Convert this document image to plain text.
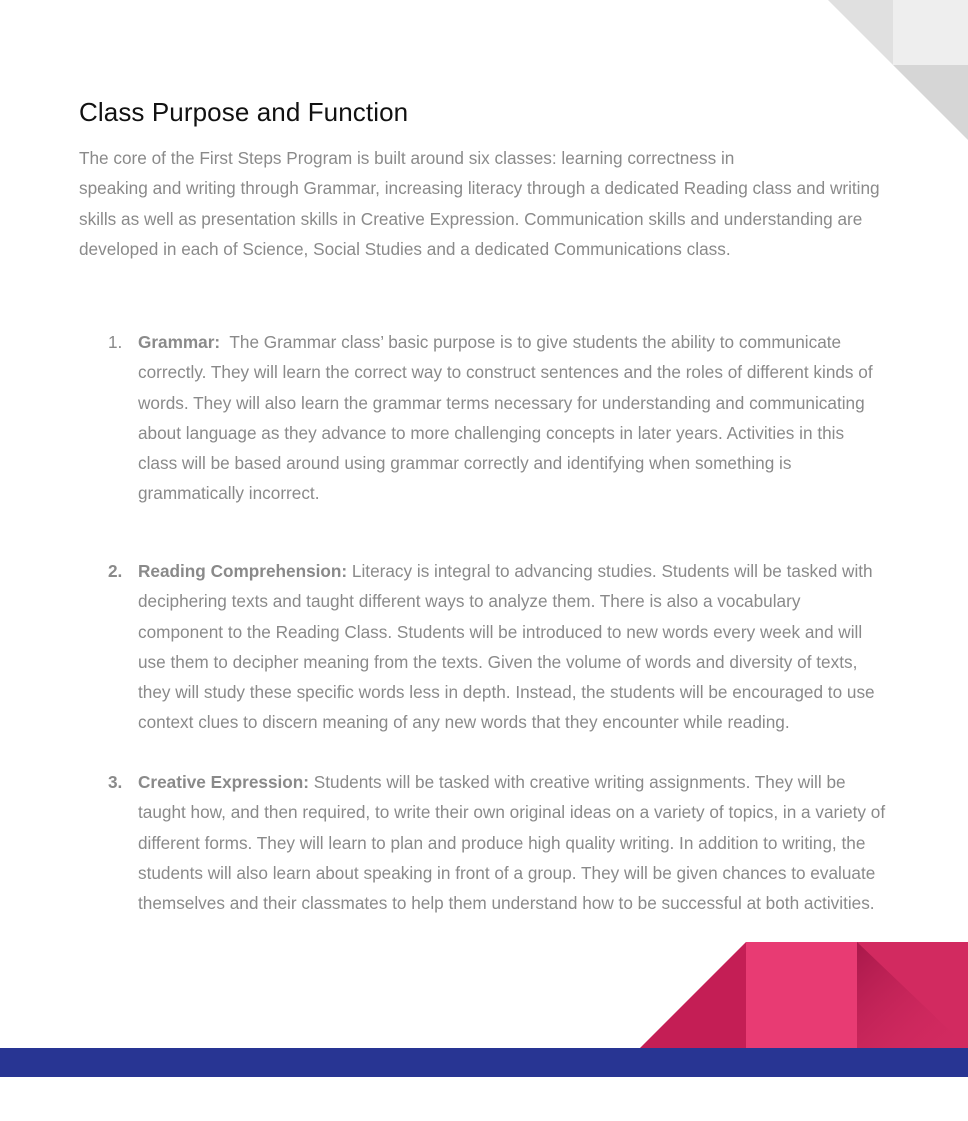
Class Purpose and Function

The core of the First Steps Program is built around six classes: learning correctness in
speaking and writing through Grammar, increasing literacy through a dedicated Reading class and writing
skills as well as presentation skills in Creative Expression. Communication skills and understanding are
developed in each of Science, Social Studies and a dedicated Communications class.

1. Grammar:  The Grammar class’ basic purpose is to give students the ability to communicate
correctly. They will learn the correct way to construct sentences and the roles of different kinds of
words. They will also learn the grammar terms necessary for understanding and communicating
about language as they advance to more challenging concepts in later years. Activities in this
class will be based around using grammar correctly and identifying when something is
grammatically incorrect.
2. Reading Comprehension: Literacy is integral to advancing studies. Students will be tasked with
deciphering texts and taught different ways to analyze them. There is also a vocabulary
component to the Reading Class. Students will be introduced to new words every week and will
use them to decipher meaning from the texts. Given the volume of words and diversity of texts,
they will study these specific words less in depth. Instead, the students will be encouraged to use
context clues to discern meaning of any new words that they encounter while reading.
3. Creative Expression: Students will be tasked with creative writing assignments. They will be
taught how, and then required, to write their own original ideas on a variety of topics, in a variety of
different forms. They will learn to plan and produce high quality writing. In addition to writing, the
students will also learn about speaking in front of a group. They will be given chances to evaluate
themselves and their classmates to help them understand how to be successful at both activities.
